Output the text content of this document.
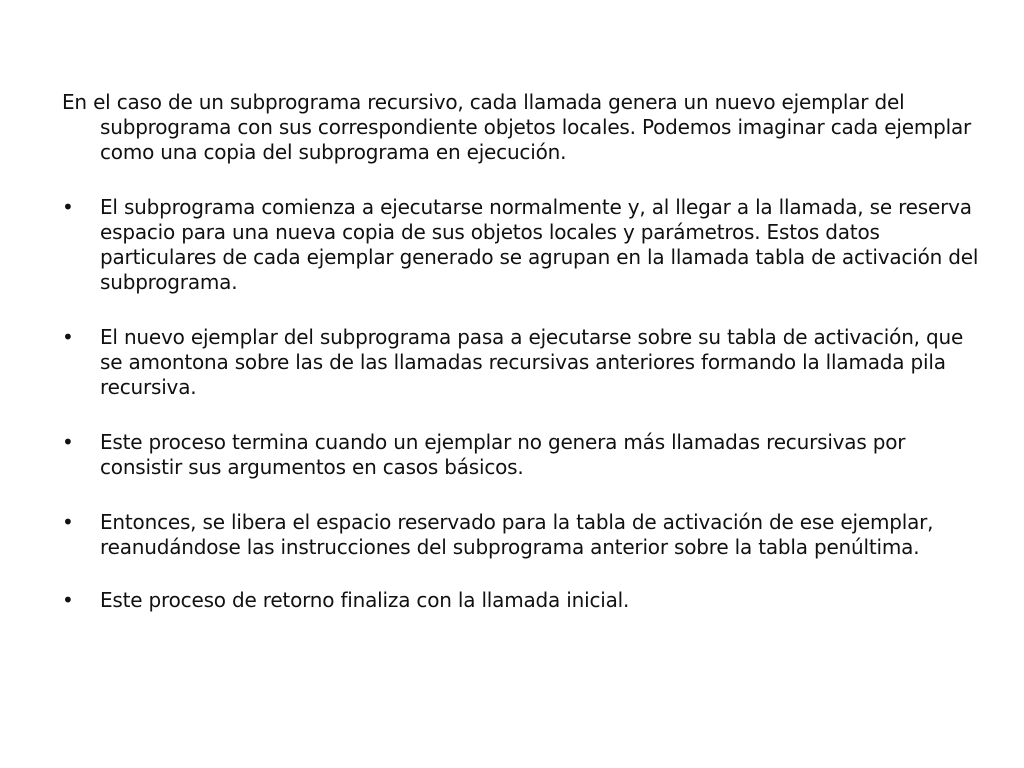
En el caso de un subprograma recursivo, cada llamada genera un nuevo ejemplar del subprograma con sus correspondiente objetos locales. Podemos imaginar cada ejemplar como una copia del subprograma en ejecución.

•	El subprograma comienza a ejecutarse normalmente y, al llegar a la llamada, se reserva espacio para una nueva copia de sus objetos locales y parámetros. Estos datos particulares de cada ejemplar generado se agrupan en la llamada tabla de activación del subprograma.
•	El nuevo ejemplar del subprograma pasa a ejecutarse sobre su tabla de activación, que se amontona sobre las de las llamadas recursivas anteriores formando la llamada pila recursiva.
•	Este proceso termina cuando un ejemplar no genera más llamadas recursivas por consistir sus argumentos en casos básicos.
•	Entonces, se libera el espacio reservado para la tabla de activación de ese ejemplar, reanudándose las instrucciones del subprograma anterior sobre la tabla penúltima.
•	Este proceso de retorno finaliza con la llamada inicial.
